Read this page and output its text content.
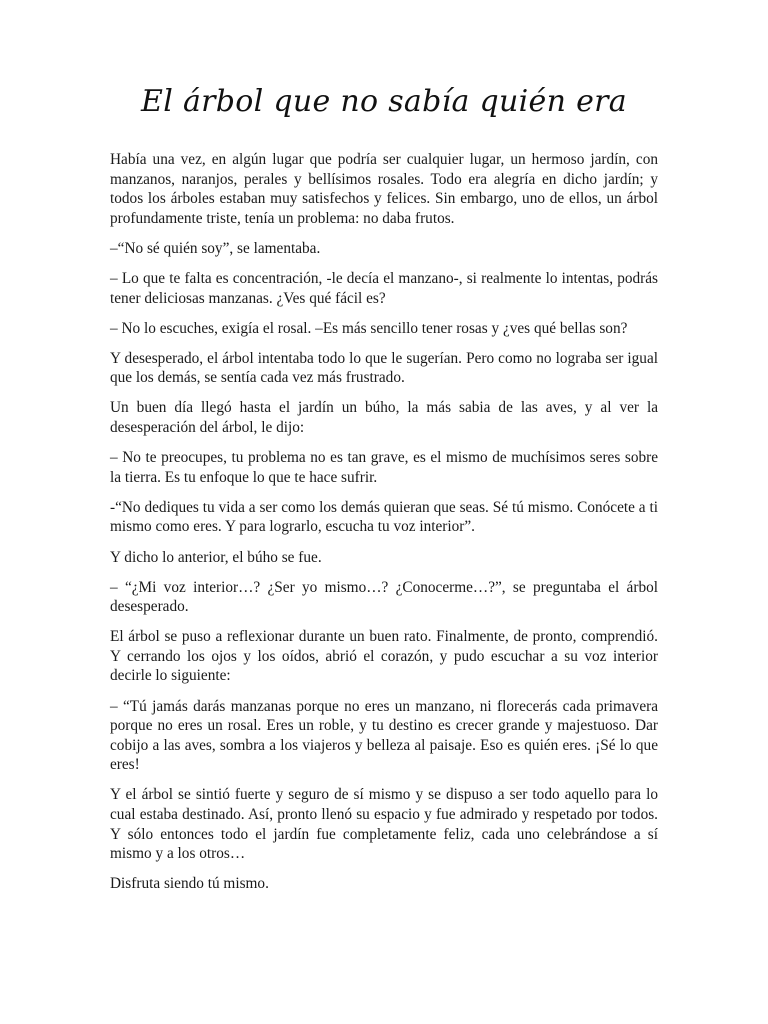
El árbol que no sabía quién era

Había una vez, en algún lugar que podría ser cualquier lugar, un hermoso jardín, con manzanos, naranjos, perales y bellísimos rosales. Todo era alegría en dicho jardín; y todos los árboles estaban muy satisfechos y felices. Sin embargo, uno de ellos, un árbol profundamente triste, tenía un problema: no daba frutos.

–“No sé quién soy”, se lamentaba.

– Lo que te falta es concentración, -le decía el manzano-, si realmente lo intentas, podrás tener deliciosas manzanas. ¿Ves qué fácil es?

– No lo escuches, exigía el rosal. –Es más sencillo tener rosas y ¿ves qué bellas son?

Y desesperado, el árbol intentaba todo lo que le sugerían. Pero como no lograba ser igual que los demás, se sentía cada vez más frustrado.

Un buen día llegó hasta el jardín un búho, la más sabia de las aves, y al ver la desesperación del árbol, le dijo:

– No te preocupes, tu problema no es tan grave, es el mismo de muchísimos seres sobre la tierra. Es tu enfoque lo que te hace sufrir.

-“No dediques tu vida a ser como los demás quieran que seas. Sé tú mismo. Conócete a ti mismo como eres. Y para lograrlo, escucha tu voz interior”.

Y dicho lo anterior, el búho se fue.

– “¿Mi voz interior…? ¿Ser yo mismo…? ¿Conocerme…?”, se preguntaba el árbol desesperado.

El árbol se puso a reflexionar durante un buen rato. Finalmente, de pronto, comprendió. Y cerrando los ojos y los oídos, abrió el corazón, y pudo escuchar a su voz interior decirle lo siguiente:

– “Tú jamás darás manzanas porque no eres un manzano, ni florecerás cada primavera porque no eres un rosal. Eres un roble, y tu destino es crecer grande y majestuoso. Dar cobijo a las aves, sombra a los viajeros y belleza al paisaje. Eso es quién eres. ¡Sé lo que eres!

Y el árbol se sintió fuerte y seguro de sí mismo y se dispuso a ser todo aquello para lo cual estaba destinado. Así, pronto llenó su espacio y fue admirado y respetado por todos. Y sólo entonces todo el jardín fue completamente feliz, cada uno celebrándose a sí mismo y a los otros…

Disfruta siendo tú mismo.
